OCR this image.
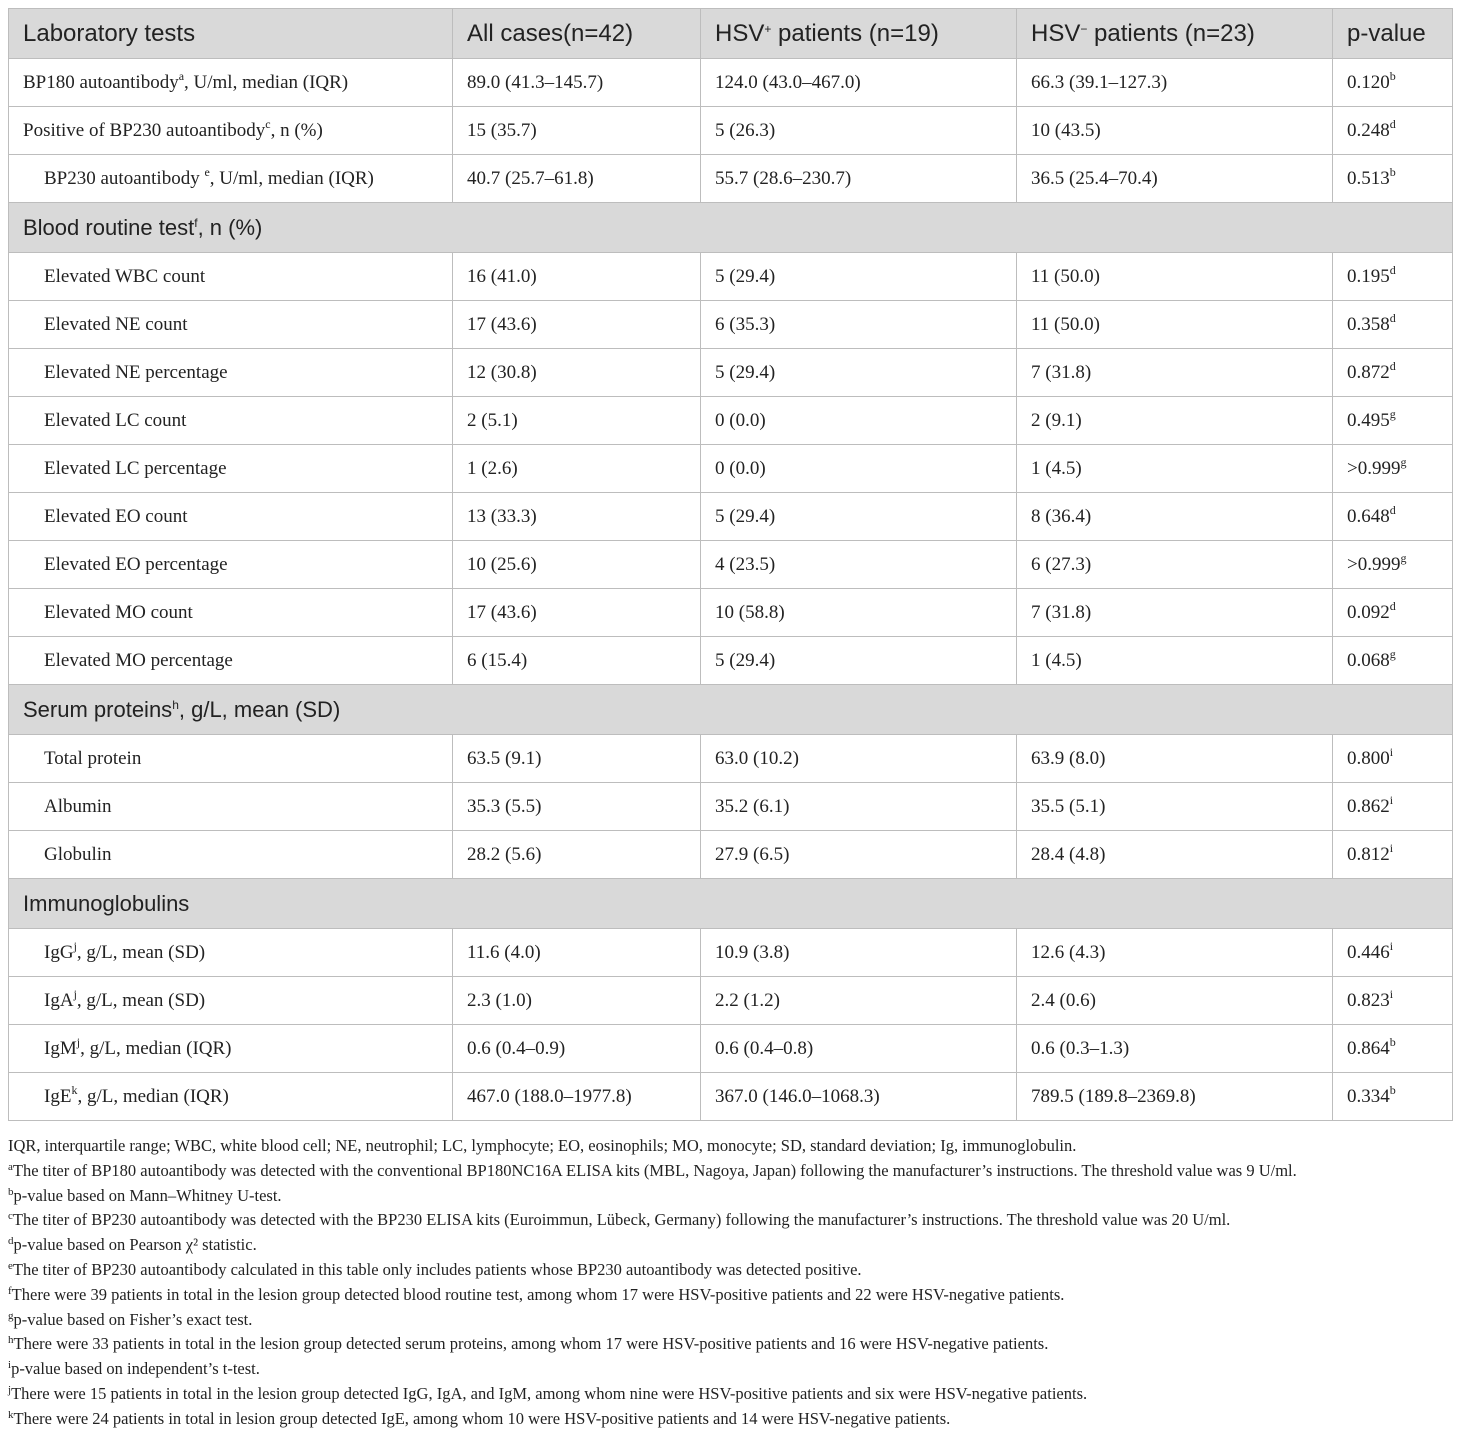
Laboratory tests	All cases(n=42)	HSV+ patients (n=19)	HSV− patients (n=23)	p-value
BP180 autoantibody$^a$, U/ml, median (IQR)	89.0 (41.3–145.7)	124.0 (43.0–467.0)	66.3 (39.1–127.3)	0.120$^b$
Positive of BP230 autoantibody$^c$, n (%)	15 (35.7)	5 (26.3)	10 (43.5)	0.248$^d$
BP230 autoantibody $^e$, U/ml, median (IQR)	40.7 (25.7–61.8)	55.7 (28.6–230.7)	36.5 (25.4–70.4)	0.513$^b$
Blood routine test$^f$, n (%)				
Elevated WBC count	16 (41.0)	5 (29.4)	11 (50.0)	0.195$^d$
Elevated NE count	17 (43.6)	6 (35.3)	11 (50.0)	0.358$^d$
Elevated NE percentage	12 (30.8)	5 (29.4)	7 (31.8)	0.872$^d$
Elevated LC count	2 (5.1)	0 (0.0)	2 (9.1)	0.495$^g$
Elevated LC percentage	1 (2.6)	0 (0.0)	1 (4.5)	>0.999$^g$
Elevated EO count	13 (33.3)	5 (29.4)	8 (36.4)	0.648$^d$
Elevated EO percentage	10 (25.6)	4 (23.5)	6 (27.3)	>0.999$^g$
Elevated MO count	17 (43.6)	10 (58.8)	7 (31.8)	0.092$^d$
Elevated MO percentage	6 (15.4)	5 (29.4)	1 (4.5)	0.068$^g$
Serum proteins$^h$, g/L, mean (SD)				
Total protein	63.5 (9.1)	63.0 (10.2)	63.9 (8.0)	0.800$^i$
Albumin	35.3 (5.5)	35.2 (6.1)	35.5 (5.1)	0.862$^i$
Globulin	28.2 (5.6)	27.9 (6.5)	28.4 (4.8)	0.812$^i$
Immunoglobulins				
IgG$^j$, g/L, mean (SD)	11.6 (4.0)	10.9 (3.8)	12.6 (4.3)	0.446$^i$
IgA$^j$, g/L, mean (SD)	2.3 (1.0)	2.2 (1.2)	2.4 (0.6)	0.823$^i$
IgM$^j$, g/L, median (IQR)	0.6 (0.4–0.9)	0.6 (0.4–0.8)	0.6 (0.3–1.3)	0.864$^b$
IgE$^k$, g/L, median (IQR)	467.0 (188.0–1977.8)	367.0 (146.0–1068.3)	789.5 (189.8–2369.8)	0.334$^b$
IQR, interquartile range; WBC, white blood cell; NE, neutrophil; LC, lymphocyte; EO, eosinophils; MO, monocyte; SD, standard deviation; Ig, immunoglobulin.
$^a$The titer of BP180 autoantibody was detected with the conventional BP180NC16A ELISA kits (MBL, Nagoya, Japan) following the manufacturer’s instructions. The threshold value was 9 U/ml.
$^b$p-value based on Mann–Whitney U-test.
$^c$The titer of BP230 autoantibody was detected with the BP230 ELISA kits (Euroimmun, Lübeck, Germany) following the manufacturer’s instructions. The threshold value was 20 U/ml.
$^d$p-value based on Pearson χ² statistic.
$^e$The titer of BP230 autoantibody calculated in this table only includes patients whose BP230 autoantibody was detected positive.
$^f$There were 39 patients in total in the lesion group detected blood routine test, among whom 17 were HSV-positive patients and 22 were HSV-negative patients.
$^g$p-value based on Fisher’s exact test.
$^h$There were 33 patients in total in the lesion group detected serum proteins, among whom 17 were HSV-positive patients and 16 were HSV-negative patients.
$^i$p-value based on independent’s t-test.
$^j$There were 15 patients in total in the lesion group detected IgG, IgA, and IgM, among whom nine were HSV-positive patients and six were HSV-negative patients.
$^k$There were 24 patients in total in lesion group detected IgE, among whom 10 were HSV-positive patients and 14 were HSV-negative patients.
